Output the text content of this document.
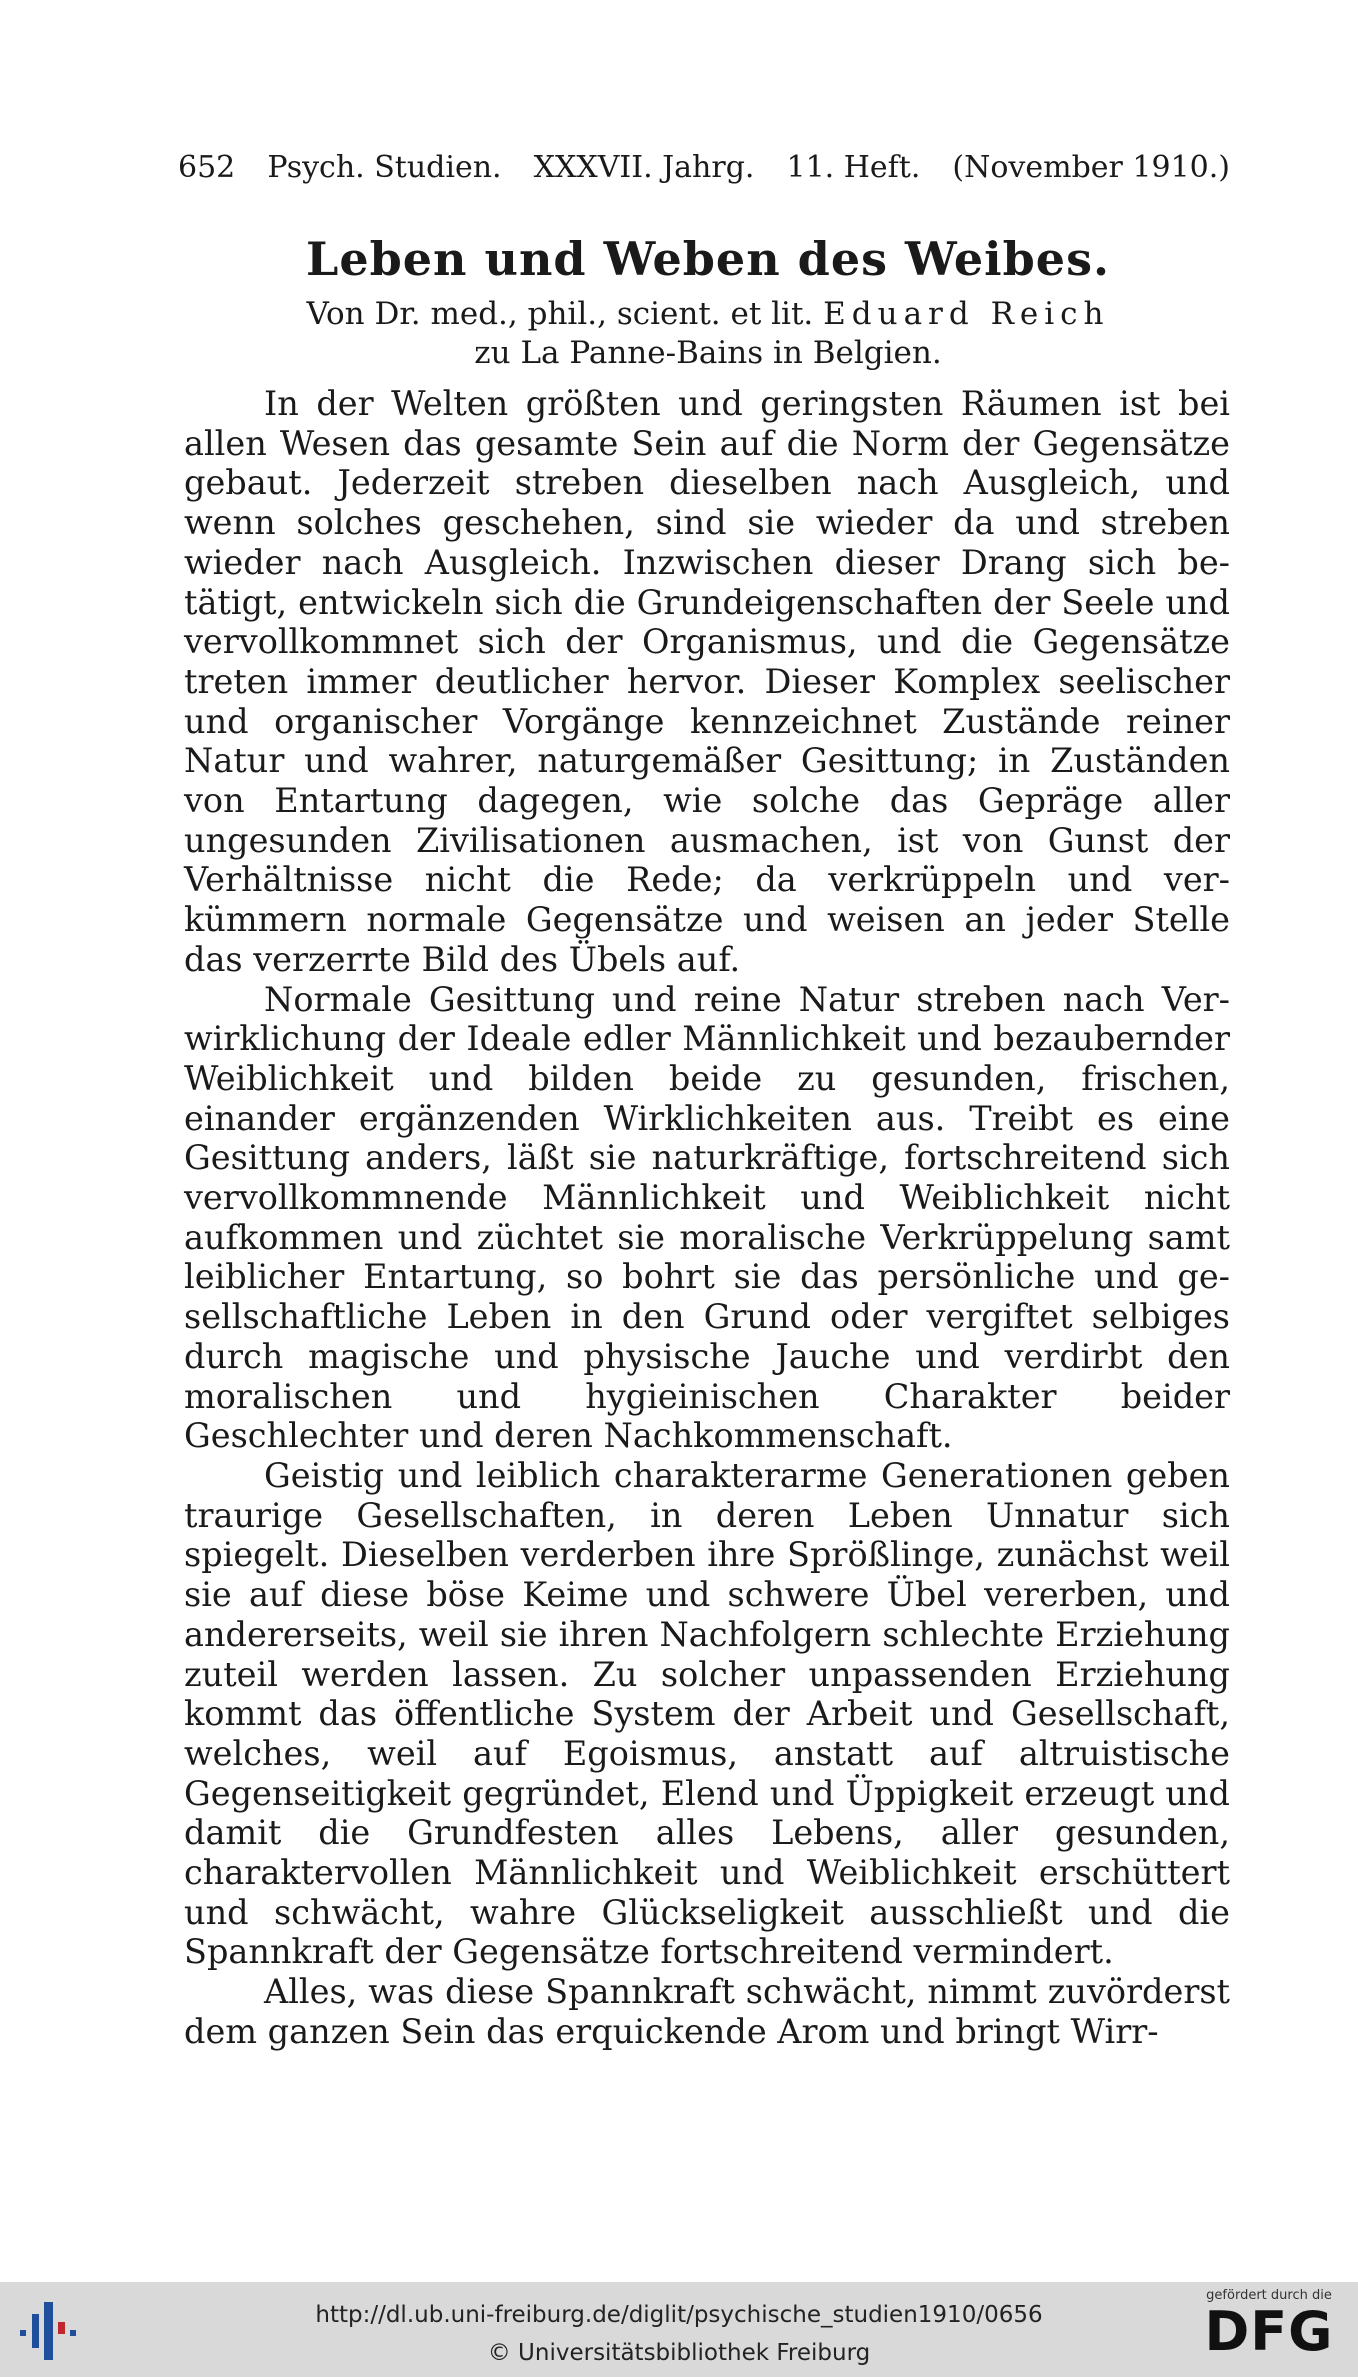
652 Psych. Studien. XXXVII. Jahrg. 11. Heft. (November 1910.)
Leben und Weben des Weibes.
Von Dr. med., phil., scient. et lit. Eduard Reich
zu La Panne-Bains in Belgien.

In der Welten größten und geringsten Räumen ist bei allen Wesen das gesamte Sein auf die Norm der Gegensätze gebaut. Jederzeit streben dieselben nach Ausgleich, und wenn solches geschehen, sind sie wieder da und streben wieder nach Ausgleich. Inzwischen dieser Drang sich betätigt, entwickeln sich die Grundeigenschaften der Seele und vervollkommnet sich der Organismus, und die Gegensätze treten immer deutlicher hervor. Dieser Komplex seelischer und organischer Vorgänge kennzeichnet Zustände reiner Natur und wahrer, naturgemäßer Gesittung; in Zuständen von Entartung dagegen, wie solche das Gepräge aller ungesunden Zivilisationen ausmachen, ist von Gunst der Verhältnisse nicht die Rede; da verkrüppeln und verkümmern normale Gegensätze und weisen an jeder Stelle das verzerrte Bild des Übels auf.

Normale Gesittung und reine Natur streben nach Verwirklichung der Ideale edler Männlichkeit und bezaubernder Weiblichkeit und bilden beide zu gesunden, frischen, einander ergänzenden Wirklichkeiten aus. Treibt es eine Gesittung anders, läßt sie naturkräftige, fortschreitend sich vervollkommnende Männlichkeit und Weiblichkeit nicht aufkommen und züchtet sie moralische Verkrüppelung samt leiblicher Entartung, so bohrt sie das persönliche und gesellschaftliche Leben in den Grund oder vergiftet selbiges durch magische und physische Jauche und verdirbt den moralischen und hygieinischen Charakter beider Geschlechter und deren Nachkommenschaft.

Geistig und leiblich charakterarme Generationen geben traurige Gesellschaften, in deren Leben Unnatur sich spiegelt. Dieselben verderben ihre Sprößlinge, zunächst weil sie auf diese böse Keime und schwere Übel vererben, und andererseits, weil sie ihren Nachfolgern schlechte Erziehung zuteil werden lassen. Zu solcher unpassenden Erziehung kommt das öffentliche System der Arbeit und Gesellschaft, welches, weil auf Egoismus, anstatt auf altruistische Gegenseitigkeit gegründet, Elend und Üppigkeit erzeugt und damit die Grundfesten alles Lebens, aller gesunden, charaktervollen Männlichkeit und Weiblichkeit erschüttert und schwächt, wahre Glückseligkeit ausschließt und die Spannkraft der Gegensätze fortschreitend vermindert.

Alles, was diese Spannkraft schwächt, nimmt zuvörderst dem ganzen Sein das erquickende Arom und bringt Wirr-

http://dl.ub.uni-freiburg.de/diglit/psychische_studien1910/0656
© Universitätsbibliothek Freiburg
gefördert durch die
DFG
